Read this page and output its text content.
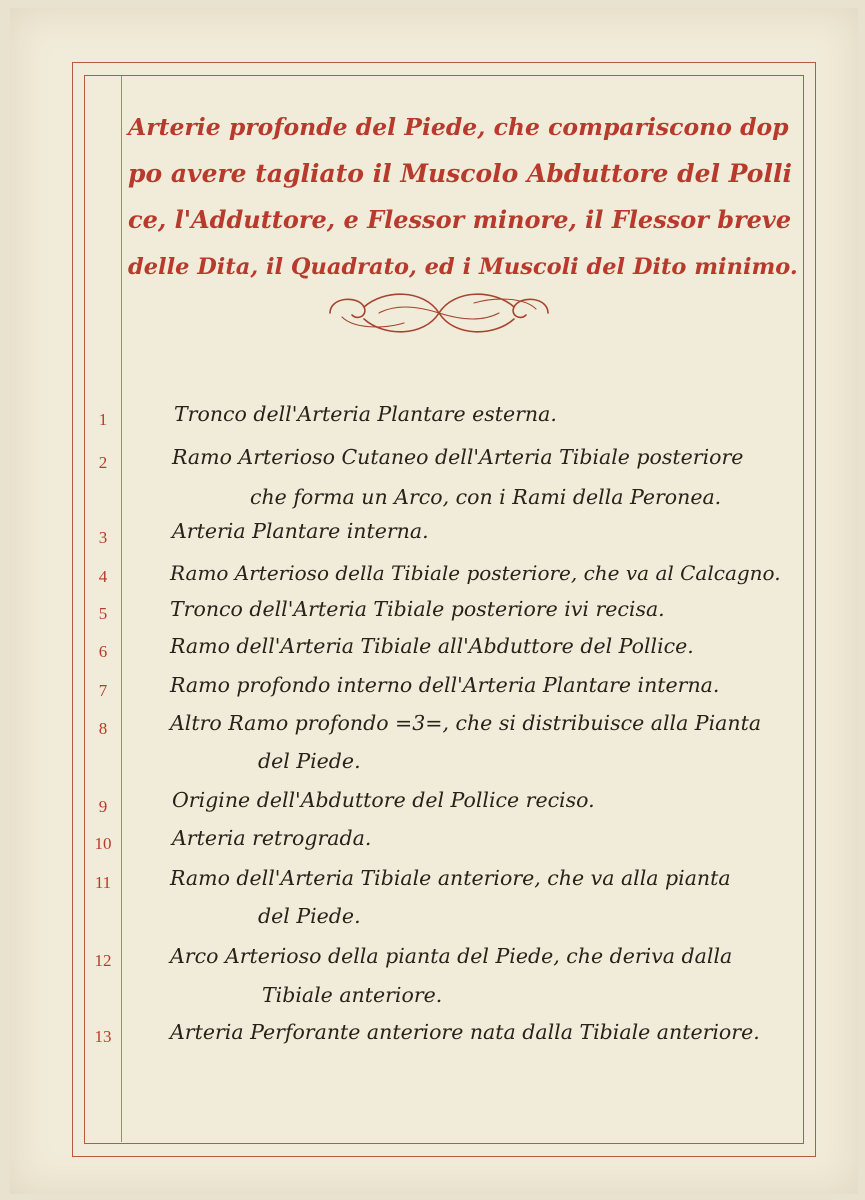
Arterie profonde del Piede, che compariscono dop
po avere tagliato il Muscolo Abduttore del Polli
ce, l'Adduttore, e Flessor minore, il Flessor breve
delle Dita, il Quadrato, ed i Muscoli del Dito minimo.
1	Tronco dell'Arteria Plantare esterna.
2	Ramo Arterioso Cutaneo dell'Arteria Tibiale posteriore
che forma un Arco, con i Rami della Peronea.
3	Arteria Plantare interna.
4	Ramo Arterioso della Tibiale posteriore, che va al Calcagno.
5	Tronco dell'Arteria Tibiale posteriore ivi recisa.
6	Ramo dell'Arteria Tibiale all'Abduttore del Pollice.
7	Ramo profondo interno dell'Arteria Plantare interna.
8	Altro Ramo profondo =3=, che si distribuisce alla Pianta
del Piede.
9	Origine dell'Abduttore del Pollice reciso.
10	Arteria retrograda.
11	Ramo dell'Arteria Tibiale anteriore, che va alla pianta
del Piede.
12	Arco Arterioso della pianta del Piede, che deriva dalla
Tibiale anteriore.
13	Arteria Perforante anteriore nata dalla Tibiale anteriore.
